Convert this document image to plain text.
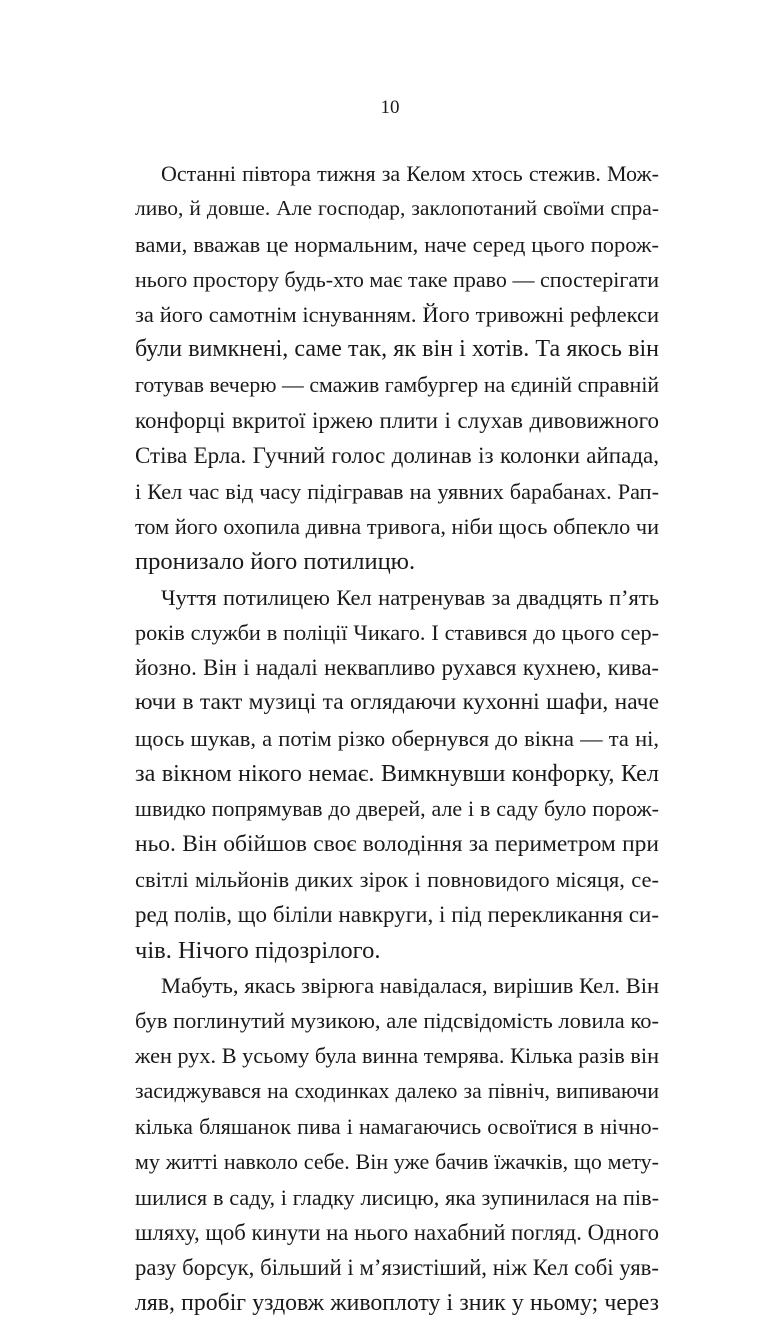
10
Останні півтора тижня за Келом хтось стежив. Мож-
ливо, й довше. Але господар, заклопотаний своїми спра-
вами, вважав це нормальним, наче серед цього порож-
нього простору будь-хто має таке право — спостерігати
за його самотнім існуванням. Його тривожні рефлекси
були вимкнені, саме так, як він і хотів. Та якось він
готував вечерю — смажив гамбургер на єдиній справній
конфорці вкритої іржею плити і слухав дивовижного
Стіва Ерла. Гучний голос долинав із колонки айпада,
і Кел час від часу підігравав на уявних барабанах. Рап-
том його охопила дивна тривога, ніби щось обпекло чи
пронизало його потилицю.
Чуття потилицею Кел натренував за двадцять п’ять
років служби в поліції Чикаго. І ставився до цього сер-
йозно. Він і надалі неквапливо рухався кухнею, кива-
ючи в такт музиці та оглядаючи кухонні шафи, наче
щось шукав, а потім різко обернувся до вікна — та ні,
за вікном нікого немає. Вимкнувши конфорку, Кел
швидко попрямував до дверей, але і в саду було порож-
ньо. Він обійшов своє володіння за периметром при
світлі мільйонів диких зірок і повновидого місяця, се-
ред полів, що біліли навкруги, і під перекликання си-
чів. Нічого підозрілого.
Мабуть, якась звірюга навідалася, вирішив Кел. Він
був поглинутий музикою, але підсвідомість ловила ко-
жен рух. В усьому була винна темрява. Кілька разів він
засиджувався на сходинках далеко за північ, випиваючи
кілька бляшанок пива і намагаючись освоїтися в нічно-
му житті навколо себе. Він уже бачив їжачків, що мету-
шилися в саду, і гладку лисицю, яка зупинилася на пів-
шляху, щоб кинути на нього нахабний погляд. Одного
разу борсук, більший і м’язистіший, ніж Кел собі уяв-
ляв, пробіг уздовж живоплоту і зник у ньому; через
